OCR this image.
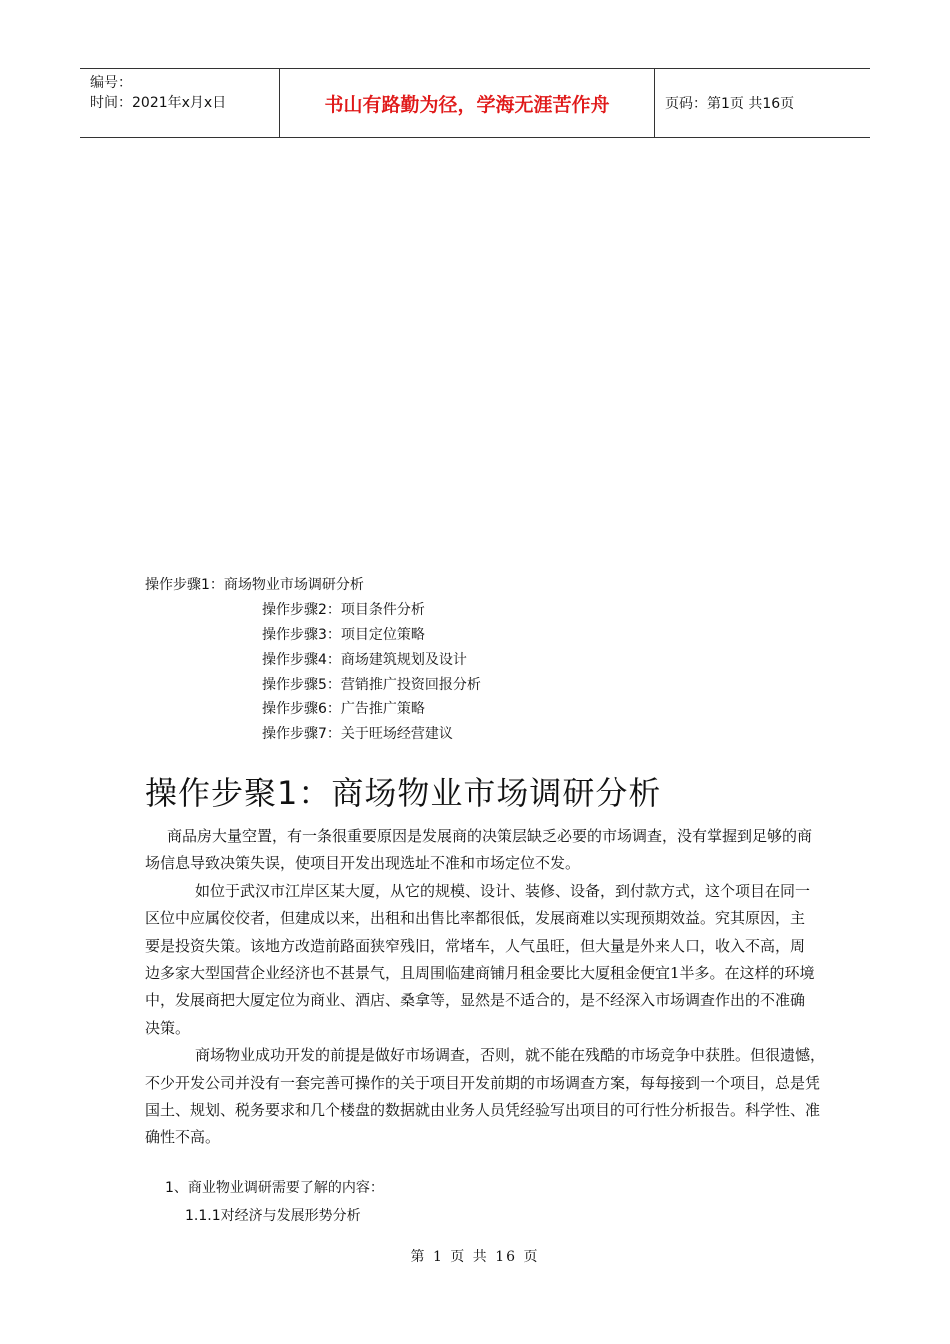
编号：
时间：2021年x月x日	书山有路勤为径，学海无涯苦作舟	页码：第1页 共16页
操作步骤1：商场物业市场调研分析
操作步骤2：项目条件分析
操作步骤3：项目定位策略
操作步骤4：商场建筑规划及设计
操作步骤5：营销推广投资回报分析
操作步骤6：广告推广策略
操作步骤7：关于旺场经营建议
操作步聚1：商场物业市场调研分析

商品房大量空置，有一条很重要原因是发展商的决策层缺乏必要的市场调查，没有掌握到足够的商场信息导致决策失误，使项目开发出现选址不准和市场定位不发。

如位于武汉市江岸区某大厦，从它的规模、设计、装修、设备，到付款方式，这个项目在同一区位中应属佼佼者，但建成以来，出租和出售比率都很低，发展商难以实现预期效益。究其原因，主要是投资失策。该地方改造前路面狭窄残旧，常堵车，人气虽旺，但大量是外来人口，收入不高，周边多家大型国营企业经济也不甚景气，且周围临建商铺月租金要比大厦租金便宜1半多。在这样的环境中，发展商把大厦定位为商业、酒店、桑拿等，显然是不适合的，是不经深入市场调查作出的不准确决策。

商场物业成功开发的前提是做好市场调查，否则，就不能在残酷的市场竞争中获胜。但很遗憾，不少开发公司并没有一套完善可操作的关于项目开发前期的市场调查方案，每每接到一个项目，总是凭国土、规划、税务要求和几个楼盘的数据就由业务人员凭经验写出项目的可行性分析报告。科学性、准确性不高。

1、商业物业调研需要了解的内容：
1.1.1对经济与发展形势分析
第 1 页 共 16 页
